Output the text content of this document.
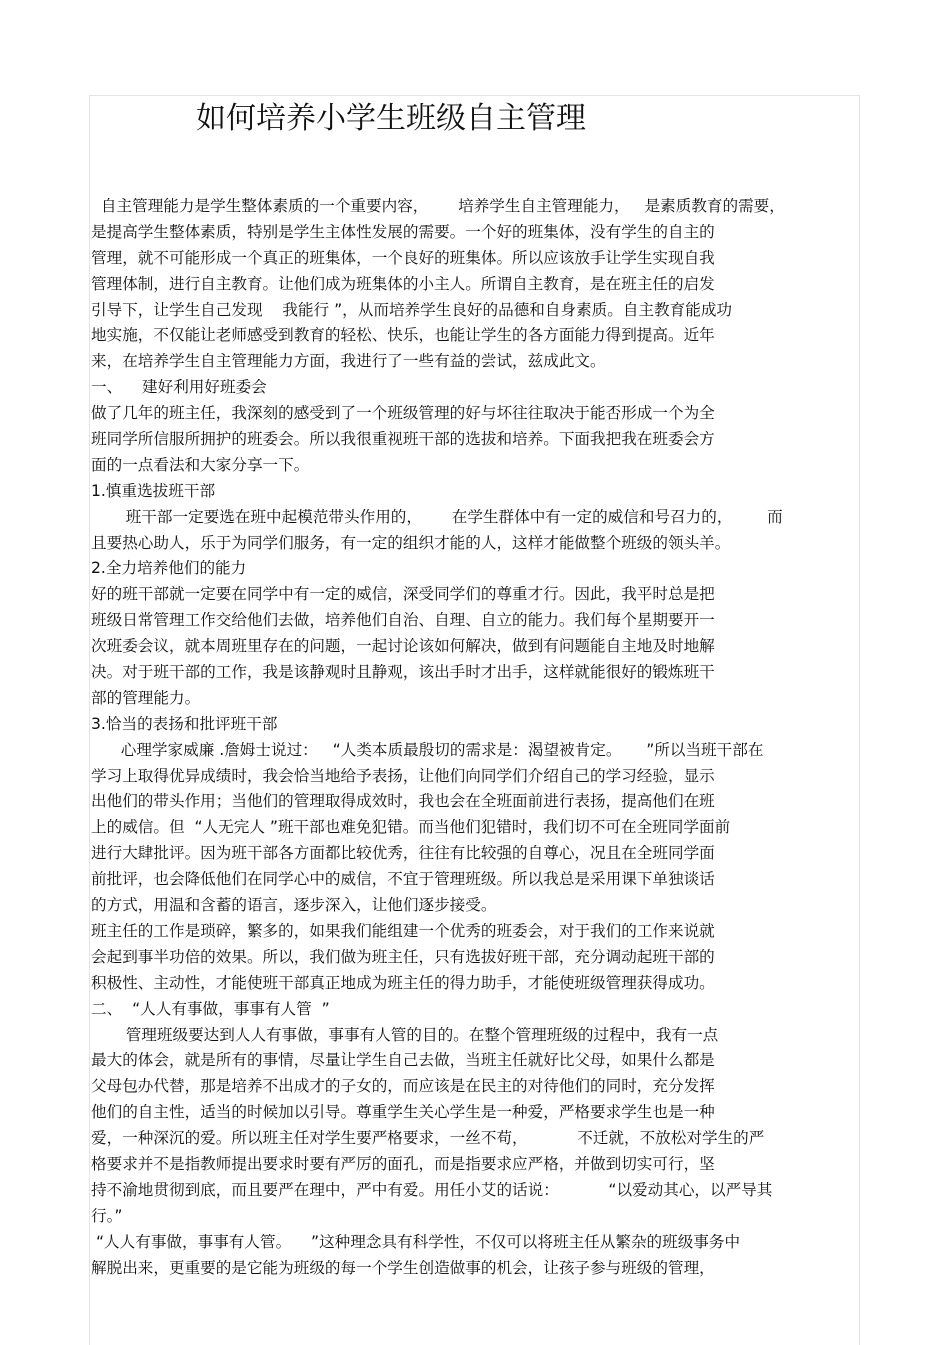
如何培养小学生班级自主管理
自主管理能力是学生整体素质的一个重要内容，      培养学生自主管理能力，   是素质教育的需要，
是提高学生整体素质，特别是学生主体性发展的需要。一个好的班集体，没有学生的自主的
管理，就不可能形成一个真正的班集体，一个良好的班集体。所以应该放手让学生实现自我
管理体制，进行自主教育。让他们成为班集体的小主人。所谓自主教育，是在班主任的启发
引导下，让学生自己发现    我能行 ”，从而培养学生良好的品德和自身素质。自主教育能成功
地实施，不仅能让老师感受到教育的轻松、快乐，也能让学生的各方面能力得到提高。近年
来，在培养学生自主管理能力方面，我进行了一些有益的尝试，兹成此文。
一、    建好利用好班委会
做了几年的班主任，我深刻的感受到了一个班级管理的好与坏往往取决于能否形成一个为全
班同学所信服所拥护的班委会。所以我很重视班干部的选拔和培养。下面我把我在班委会方
面的一点看法和大家分享一下。
1.慎重选拔班干部
班干部一定要选在班中起模范带头作用的，      在学生群体中有一定的威信和号召力的，       而
且要热心助人，乐于为同学们服务，有一定的组织才能的人，这样才能做整个班级的领头羊。
2.全力培养他们的能力
好的班干部就一定要在同学中有一定的威信，深受同学们的尊重才行。因此，我平时总是把
班级日常管理工作交给他们去做，培养他们自治、自理、自立的能力。我们每个星期要开一
次班委会议，就本周班里存在的问题，一起讨论该如何解决，做到有问题能自主地及时地解
决。对于班干部的工作，我是该静观时且静观，该出手时才出手，这样就能很好的锻炼班干
部的管理能力。
3.恰当的表扬和批评班干部
心理学家威廉 .詹姆士说过：   “人类本质最殷切的需求是：渴望被肯定。     ”所以当班干部在
学习上取得优异成绩时，我会恰当地给予表扬，让他们向同学们介绍自己的学习经验，显示
出他们的带头作用；当他们的管理取得成效时，我也会在全班面前进行表扬，提高他们在班
上的威信。但  “人无完人 ”班干部也难免犯错。而当他们犯错时，我们切不可在全班同学面前
进行大肆批评。因为班干部各方面都比较优秀，往往有比较强的自尊心，况且在全班同学面
前批评，也会降低他们在同学心中的威信，不宜于管理班级。所以我总是采用课下单独谈话
的方式，用温和含蓄的语言，逐步深入，让他们逐步接受。
班主任的工作是琐碎，繁多的，如果我们能组建一个优秀的班委会，对于我们的工作来说就
会起到事半功倍的效果。所以，我们做为班主任，只有选拔好班干部，充分调动起班干部的
积极性、主动性，才能使班干部真正地成为班主任的得力助手，才能使班级管理获得成功。
二、  “人人有事做，事事有人管  ”
管理班级要达到人人有事做，事事有人管的目的。在整个管理班级的过程中，我有一点
最大的体会，就是所有的事情，尽量让学生自己去做，当班主任就好比父母，如果什么都是
父母包办代替，那是培养不出成才的子女的，而应该是在民主的对待他们的同时，充分发挥
他们的自主性，适当的时候加以引导。尊重学生关心学生是一种爱，严格要求学生也是一种
爱，一种深沉的爱。所以班主任对学生要严格要求，一丝不苟，          不迁就，不放松对学生的严
格要求并不是指教师提出要求时要有严厉的面孔，而是指要求应严格，并做到切实可行，坚
持不渝地贯彻到底，而且要严在理中，严中有爱。用任小艾的话说：          “以爱动其心，以严导其
行。”
“人人有事做，事事有人管。    ”这种理念具有科学性，不仅可以将班主任从繁杂的班级事务中
解脱出来，更重要的是它能为班级的每一个学生创造做事的机会，让孩子参与班级的管理，
